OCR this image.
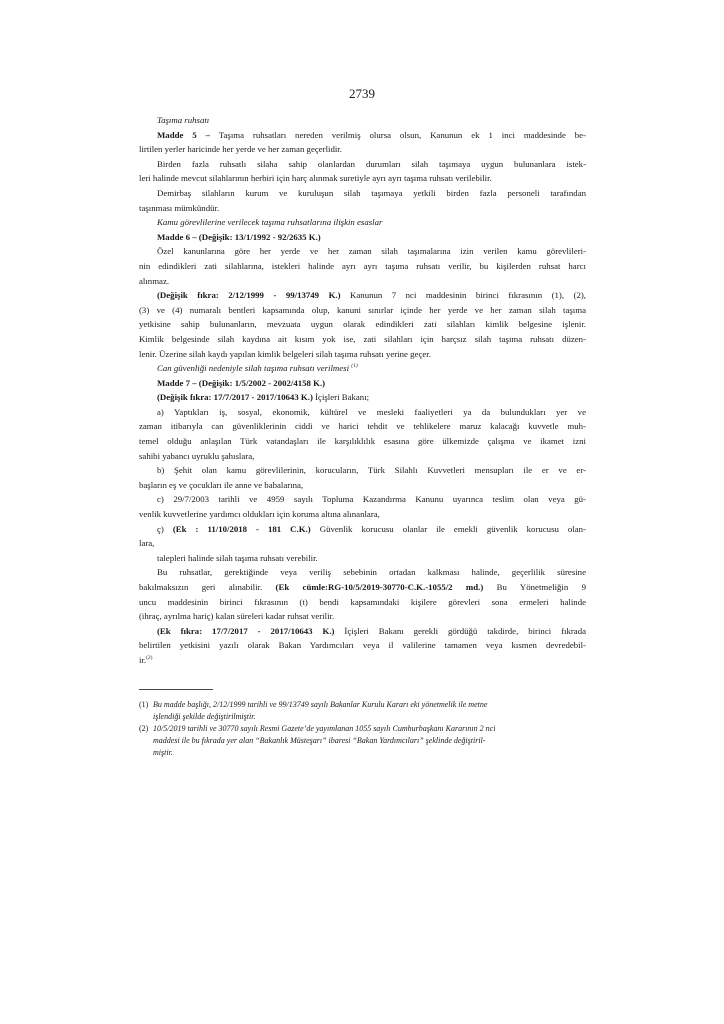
2739
Taşıma ruhsatı
Madde 5 – Taşıma ruhsatları nereden verilmiş olursa olsun, Kanunun ek 1 inci maddesinde be-
lirtilen yerler haricinde her yerde ve her zaman geçerlidir.
Birden fazla ruhsatlı silaha sahip olanlardan durumları silah taşımaya uygun bulunanlara istek-
leri halinde mevcut silahlarının herbiri için harç alınmak suretiyle ayrı ayrı taşıma ruhsatı verilebilir.
Demirbaş silahların kurum ve kuruluşun silah taşımaya yetkili birden fazla personeli tarafından
taşınması mümkündür.
Kamu görevlilerine verilecek taşıma ruhsatlarına ilişkin esaslar
Madde 6 – (Değişik: 13/1/1992 - 92/2635 K.)
Özel kanunlarına göre her yerde ve her zaman silah taşımalarına izin verilen kamu görevlileri-
nin edindikleri zati silahlarına, istekleri halinde ayrı ayrı taşıma ruhsatı verilir, bu kişilerden ruhsat harcı
alınmaz.
(Değişik fıkra: 2/12/1999 - 99/13749 K.) Kanunun 7 nci maddesinin birinci fıkrasının (1), (2),
(3) ve (4) numaralı bentleri kapsamında olup, kanuni sınırlar içinde her yerde ve her zaman silah taşıma
yetkisine sahip bulunanların, mevzuata uygun olarak edindikleri zati silahları kimlik belgesine işlenir.
Kimlik belgesinde silah kaydına ait kısım yok ise, zati silahları için harçsız silah taşıma ruhsatı düzen-
lenir. Üzerine silah kaydı yapılan kimlik belgeleri silah taşıma ruhsatı yerine geçer.
Can güvenliği nedeniyle silah taşıma ruhsatı verilmesi $^{(1)}$
Madde 7 – (Değişik: 1/5/2002 - 2002/4158 K.)
(Değişik fıkra: 17/7/2017 - 2017/10643 K.) İçişleri Bakanı;
a) Yaptıkları iş, sosyal, ekonomik, kültürel ve mesleki faaliyetleri ya da bulundukları yer ve
zaman itibarıyla can güvenliklerinin ciddi ve harici tehdit ve tehlikelere maruz kalacağı kuvvetle muh-
temel olduğu anlaşılan Türk vatandaşları ile karşılıklılık esasına göre ülkemizde çalışma ve ikamet izni
sahibi yabancı uyruklu şahıslara,
b) Şehit olan kamu görevlilerinin, korucuların, Türk Silahlı Kuvvetleri mensupları ile er ve er-
başların eş ve çocukları ile anne ve babalarına,
c) 29/7/2003 tarihli ve 4959 sayılı Topluma Kazandırma Kanunu uyarınca teslim olan veya gü-
venlik kuvvetlerine yardımcı oldukları için koruma altına alınanlara,
ç) (Ek : 11/10/2018 - 181 C.K.) Güvenlik korucusu olanlar ile emekli güvenlik korucusu olan-
lara,
talepleri halinde silah taşıma ruhsatı verebilir.
Bu ruhsatlar, gerektiğinde veya veriliş sebebinin ortadan kalkması halinde, geçerlilik süresine
bakılmaksızın geri alınabilir. (Ek cümle:RG-10/5/2019-30770-C.K.-1055/2 md.) Bu Yönetmeliğin 9
uncu maddesinin birinci fıkrasının (t) bendi kapsamındaki kişilere görevleri sona ermeleri halinde
(ihraç, ayrılma hariç) kalan süreleri kadar ruhsat verilir.
(Ek fıkra: 17/7/2017 - 2017/10643 K.) İçişleri Bakanı gerekli gördüğü takdirde, birinci fıkrada
belirtilen yetkisini yazılı olarak Bakan Yardımcıları veya il valilerine tamamen veya kısmen devredebil-
ir.$^{(2)}$
(1) Bu madde başlığı, 2/12/1999 tarihli ve 99/13749 sayılı Bakanlar Kurulu Kararı eki yönetmelik ile metne
işlendiği şekilde değiştirilmiştir.
(2) 10/5/2019 tarihli ve 30770 sayılı Resmi Gazete’de yayımlanan 1055 sayılı Cumhurbaşkanı Kararının 2 nci
maddesi ile bu fıkrada yer alan “Bakanlık Müsteşarı” ibaresi “Bakan Yardımcıları” şeklinde değiştiril-
miştir.
